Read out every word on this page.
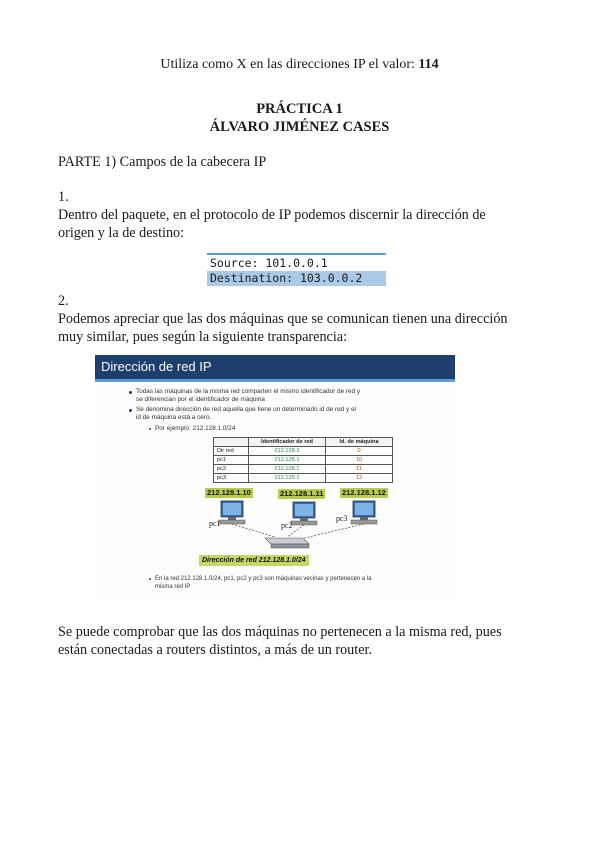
Utiliza como X en las direcciones IP el valor: 114
PRÁCTICA 1
ÁLVARO JIMÉNEZ CASES
PARTE 1) Campos de la cabecera IP
1.
Dentro del paquete, en el protocolo de IP podemos discernir la dirección de
origen y la de destino:
Source: 101.0.0.1
Destination: 103.0.0.2
2.
Podemos apreciar que las dos máquinas que se comunican tienen una dirección
muy similar, pues según la siguiente transparencia:
Dirección de red IP
Todas las máquinas de la misma red comparten el mismo identificador de red y
se diferencian por el identificador de máquina
Se denomina dirección de red aquella que tiene un determinado id de red y el
id de máquina está a cero.
Por ejemplo: 212.128.1.0/24
	Identificador de red	Id. de máquina
Dir red	212.128.1	0
pc1	212.128.1	10
pc2	212.128.1	11
pc3	212.128.1	12
212.128.1.10	212.128.1.11 212.128.1.12
pc1	pc2
pc3
Dirección de red 212.128.1.0/24
En la red 212.128.1.0/24, pc1, pc2 y pc3 son máquinas vecinas y pertenecen a la
misma red IP
Se puede comprobar que las dos máquinas no pertenecen a la misma red, pues
están conectadas a routers distintos, a más de un router.
